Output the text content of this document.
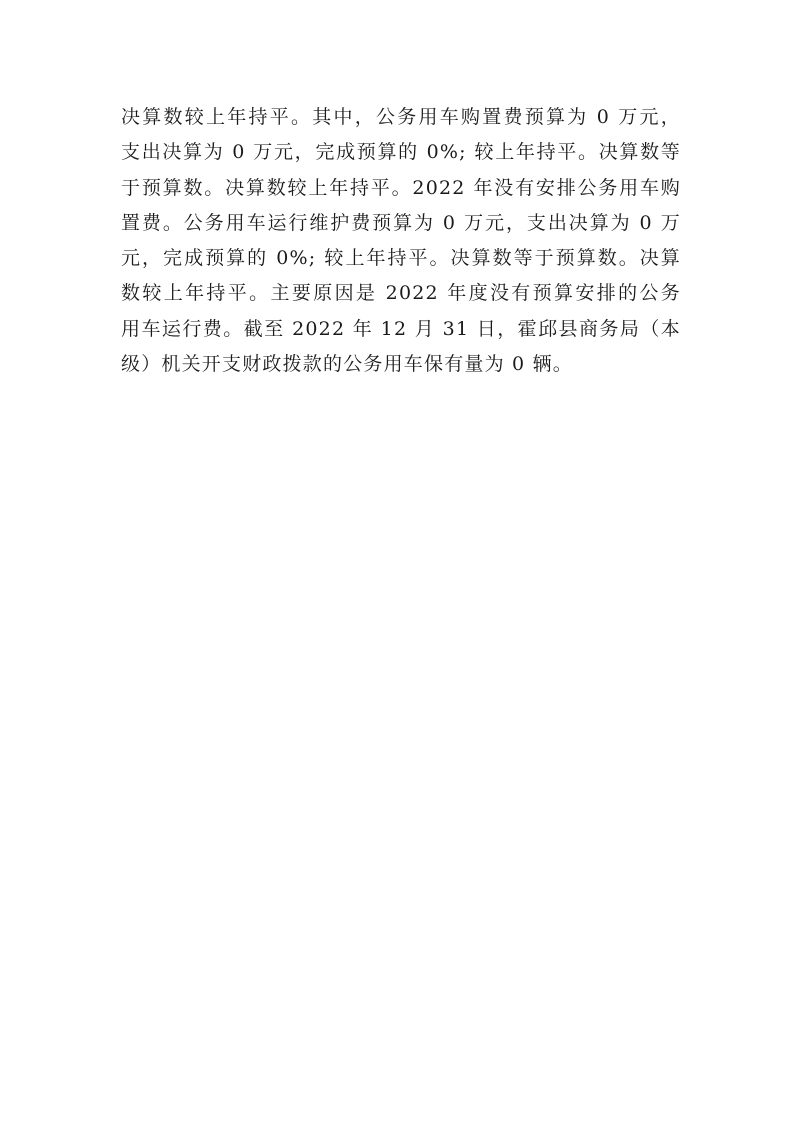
决算数较上年持平。其中，公务用车购置费预算为 0 万元，
支出决算为 0 万元，完成预算的 0%; 较上年持平。决算数等
于预算数。决算数较上年持平。2022 年没有安排公务用车购
置费。公务用车运行维护费预算为 0 万元，支出决算为 0 万
元，完成预算的 0%; 较上年持平。决算数等于预算数。决算
数较上年持平。主要原因是 2022 年度没有预算安排的公务
用车运行费。截至 2022 年 12 月 31 日，霍邱县商务局（本
级）机关开支财政拨款的公务用车保有量为 0 辆。
